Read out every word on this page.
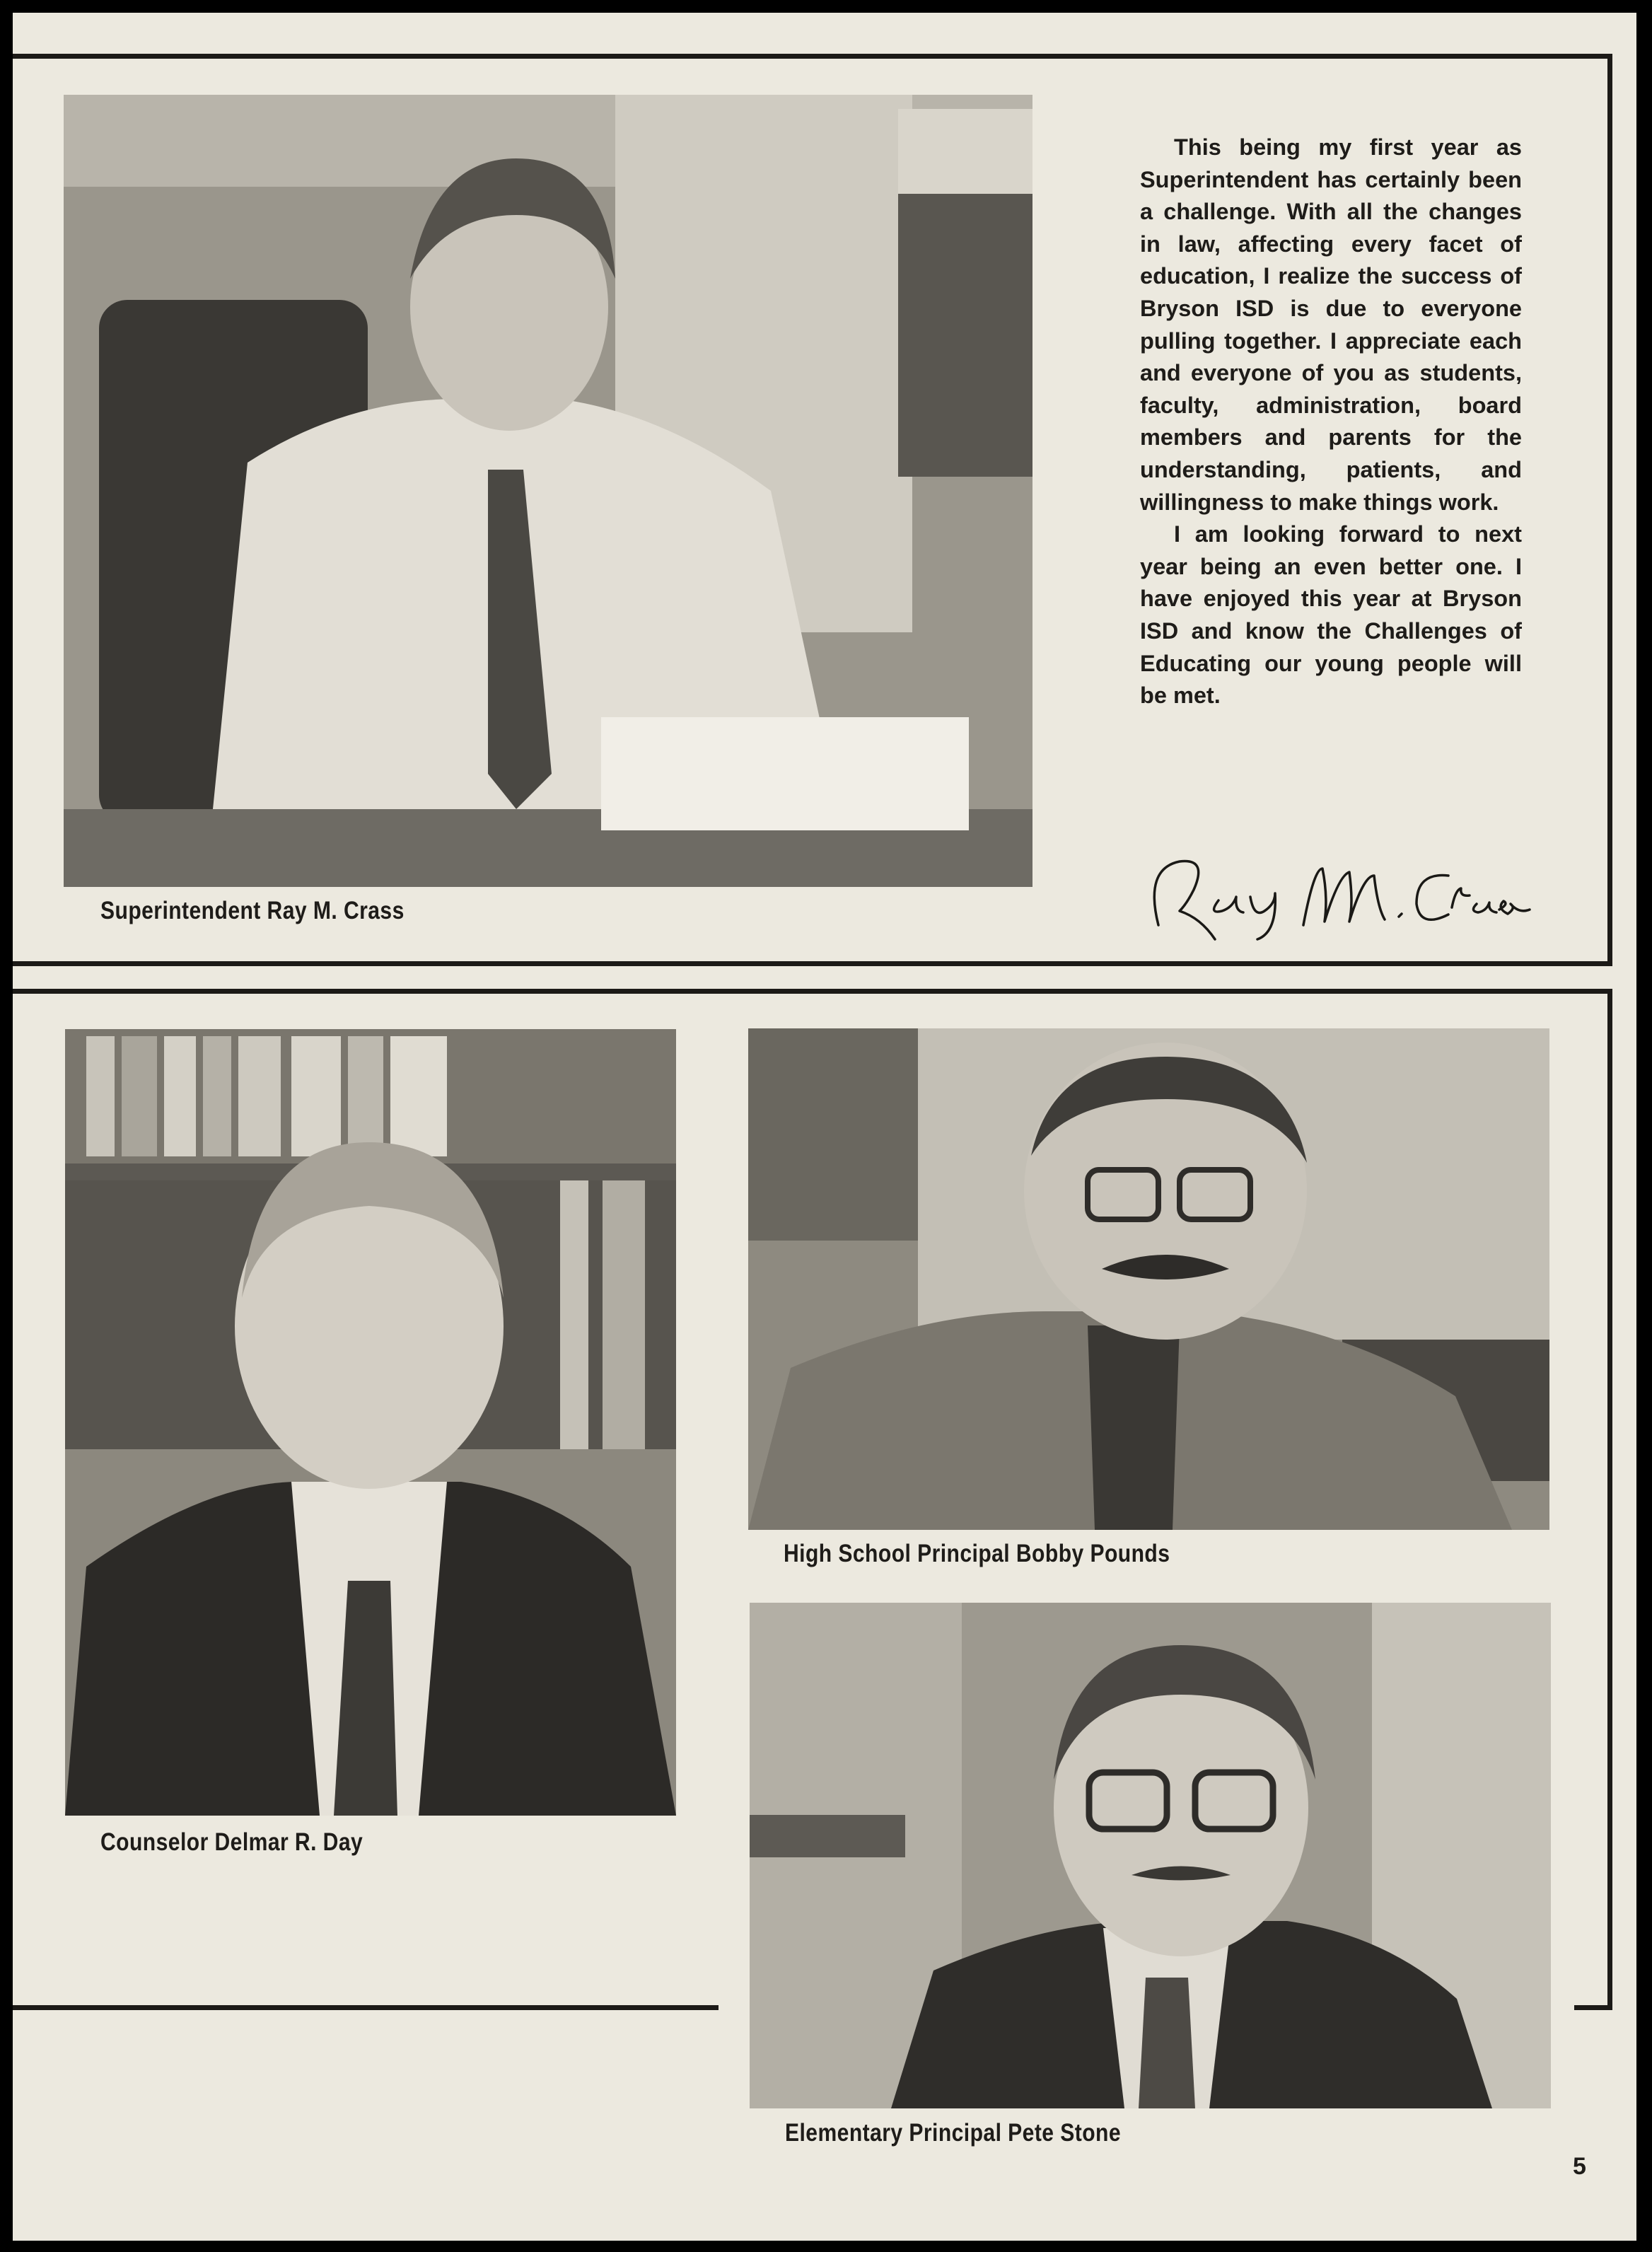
Superintendent Ray M. Crass

This being my first year as Superintendent has certainly been a challenge. With all the changes in law, affecting every facet of education, I realize the success of Bryson ISD is due to everyone pulling together. I appreciate each and everyone of you as students, faculty, administration, board members and parents for the understanding, patients, and willingness to make things work.

I am looking forward to next year being an even better one. I have enjoyed this year at Bryson ISD and know the Challenges of Educating our young people will be met.

Counselor Delmar R. Day
High School Principal Bobby Pounds
Elementary Principal Pete Stone
5
